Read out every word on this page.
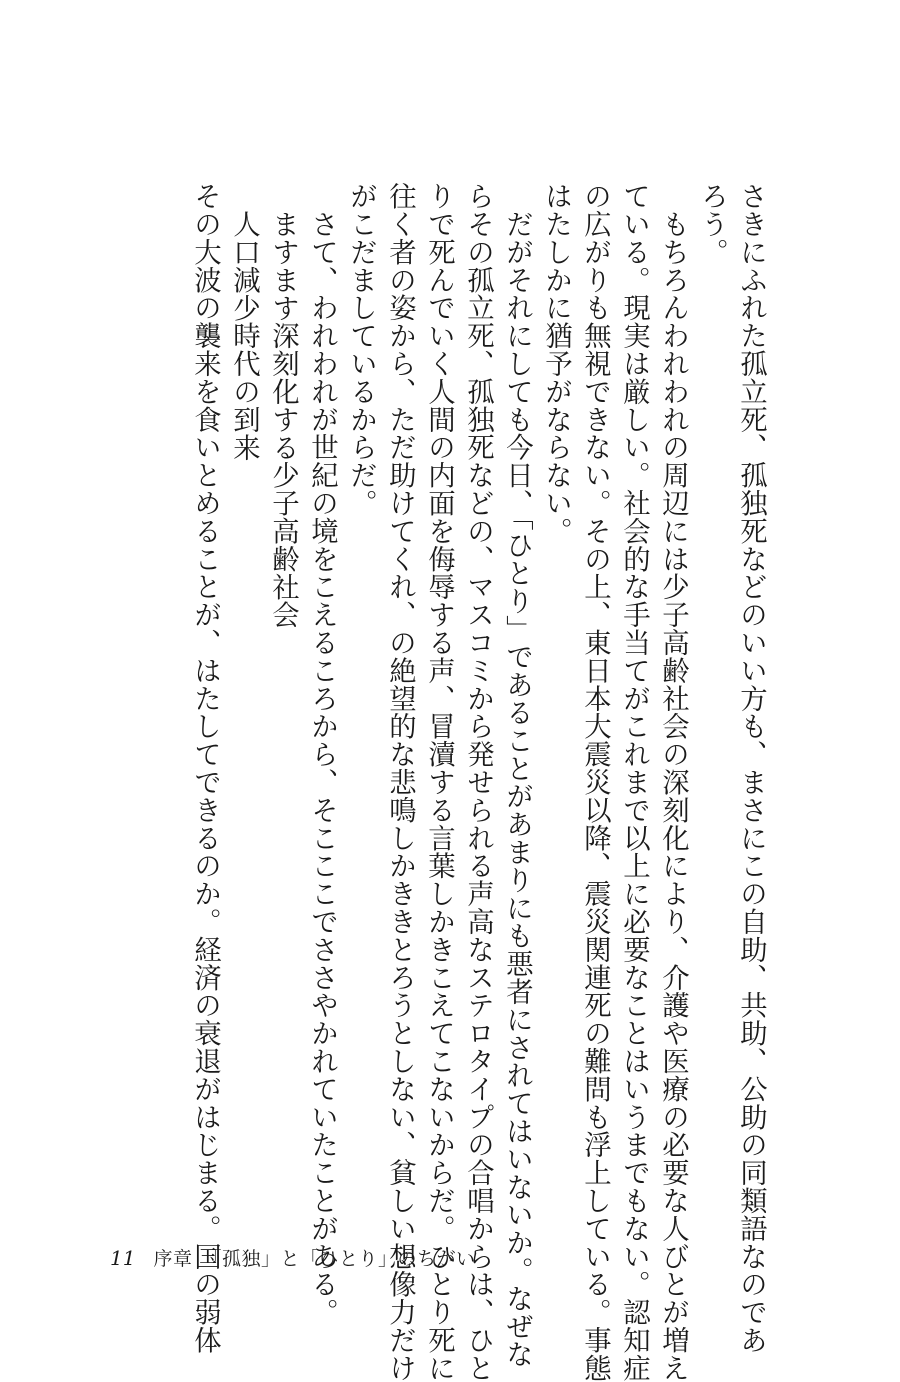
さきにふれた孤立死、孤独死などのいい方も、まさにこの自助、共助、公助の同類語なのであ
ろう。
　もちろんわれわれの周辺には少子高齢社会の深刻化により、介護や医療の必要な人びとが増え
ている。現実は厳しい。社会的な手当てがこれまで以上に必要なことはいうまでもない。認知症
の広がりも無視できない。その上、東日本大震災以降、震災関連死の難問も浮上している。事態
はたしかに猶予がならない。
　だがそれにしても今日、「ひとり」であることがあまりにも悪者にされてはいないか。なぜな
らその孤立死、孤独死などの、マスコミから発せられる声高なステロタイプの合唱からは、ひと
りで死んでいく人間の内面を侮辱する声、冒瀆する言葉しかきこえてこないからだ。ひとり死に
往く者の姿から、ただ助けてくれ、の絶望的な悲鳴しかききとろうとしない、貧しい想像力だけ
がこだましているからだ。
　さて、われわれが世紀の境をこえるころから、そこここでささやかれていたことがある。
ますます深刻化する少子高齢社会
人口減少時代の到来
その大波の襲来を食いとめることが、はたしてできるのか。経済の衰退がはじまる。国の弱体
11 序章　「孤独」と「ひとり」のちがい
